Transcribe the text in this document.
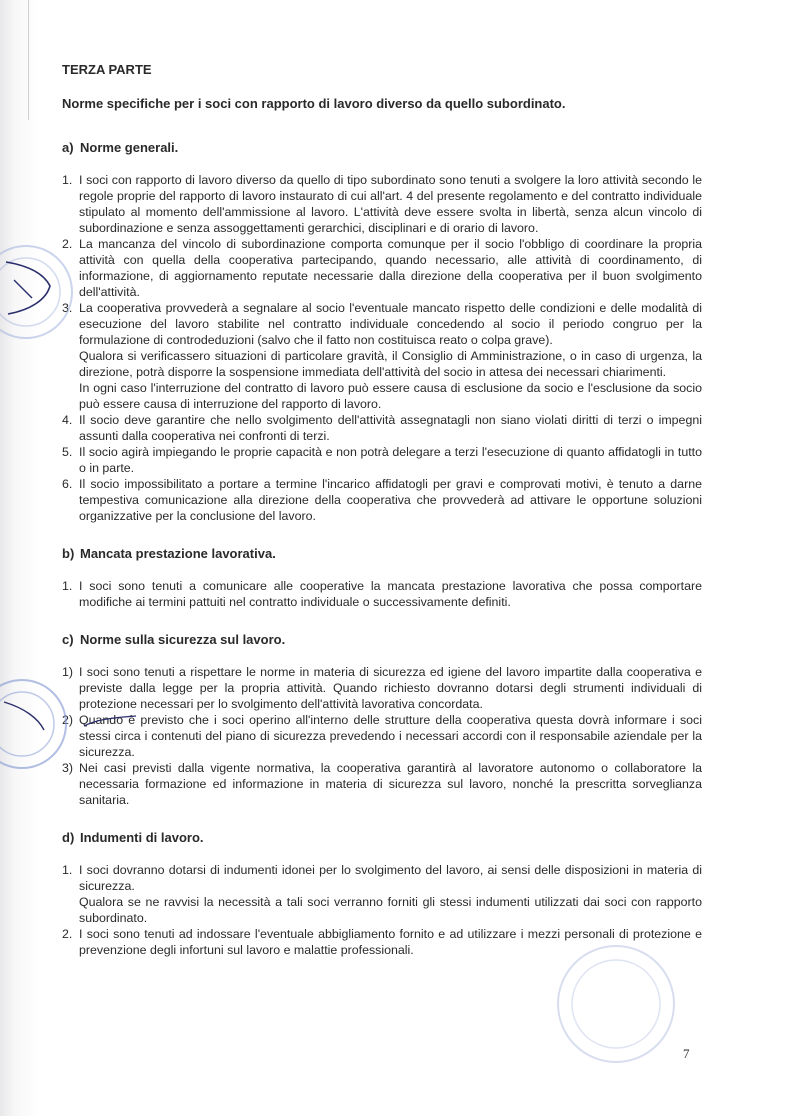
TERZA PARTE
Norme specifiche per i soci con rapporto di lavoro diverso da quello subordinato.
a) Norme generali.
1. I soci con rapporto di lavoro diverso da quello di tipo subordinato sono tenuti a svolgere la loro attività secondo le regole proprie del rapporto di lavoro instaurato di cui all'art. 4 del presente regolamento e del contratto individuale stipulato al momento dell'ammissione al lavoro. L'attività deve essere svolta in libertà, senza alcun vincolo di subordinazione e senza assoggettamenti gerarchici, disciplinari e di orario di lavoro.

2. La mancanza del vincolo di subordinazione comporta comunque per il socio l'obbligo di coordinare la propria attività con quella della cooperativa partecipando, quando necessario, alle attività di coordinamento, di informazione, di aggiornamento reputate necessarie dalla direzione della cooperativa per il buon svolgimento dell'attività.

3. La cooperativa provvederà a segnalare al socio l'eventuale mancato rispetto delle condizioni e delle modalità di esecuzione del lavoro stabilite nel contratto individuale concedendo al socio il periodo congruo per la formulazione di controdeduzioni (salvo che il fatto non costituisca reato o colpa grave).

Qualora si verificassero situazioni di particolare gravità, il Consiglio di Amministrazione, o in caso di urgenza, la direzione, potrà disporre la sospensione immediata dell'attività del socio in attesa dei necessari chiarimenti.

In ogni caso l'interruzione del contratto di lavoro può essere causa di esclusione da socio e l'esclusione da socio può essere causa di interruzione del rapporto di lavoro.

4. Il socio deve garantire che nello svolgimento dell'attività assegnatagli non siano violati diritti di terzi o impegni assunti dalla cooperativa nei confronti di terzi.

5. Il socio agirà impiegando le proprie capacità e non potrà delegare a terzi l'esecuzione di quanto affidatogli in tutto o in parte.

6. Il socio impossibilitato a portare a termine l'incarico affidatogli per gravi e comprovati motivi, è tenuto a darne tempestiva comunicazione alla direzione della cooperativa che provvederà ad attivare le opportune soluzioni organizzative per la conclusione del lavoro.

b) Mancata prestazione lavorativa.
1. I soci sono tenuti a comunicare alle cooperative la mancata prestazione lavorativa che possa comportare modifiche ai termini pattuiti nel contratto individuale o successivamente definiti.

c) Norme sulla sicurezza sul lavoro.
1) I soci sono tenuti a rispettare le norme in materia di sicurezza ed igiene del lavoro impartite dalla cooperativa e previste dalla legge per la propria attività. Quando richiesto dovranno dotarsi degli strumenti individuali di protezione necessari per lo svolgimento dell'attività lavorativa concordata.

2) Quando è previsto che i soci operino all'interno delle strutture della cooperativa questa dovrà informare i soci stessi circa i contenuti del piano di sicurezza prevedendo i necessari accordi con il responsabile aziendale per la sicurezza.

3) Nei casi previsti dalla vigente normativa, la cooperativa garantirà al lavoratore autonomo o collaboratore la necessaria formazione ed informazione in materia di sicurezza sul lavoro, nonché la prescritta sorveglianza sanitaria.

d) Indumenti di lavoro.
1. I soci dovranno dotarsi di indumenti idonei per lo svolgimento del lavoro, ai sensi delle disposizioni in materia di sicurezza.

Qualora se ne ravvisi la necessità a tali soci verranno forniti gli stessi indumenti utilizzati dai soci con rapporto subordinato.

2. I soci sono tenuti ad indossare l'eventuale abbigliamento fornito e ad utilizzare i mezzi personali di protezione e prevenzione degli infortuni sul lavoro e malattie professionali.

7
